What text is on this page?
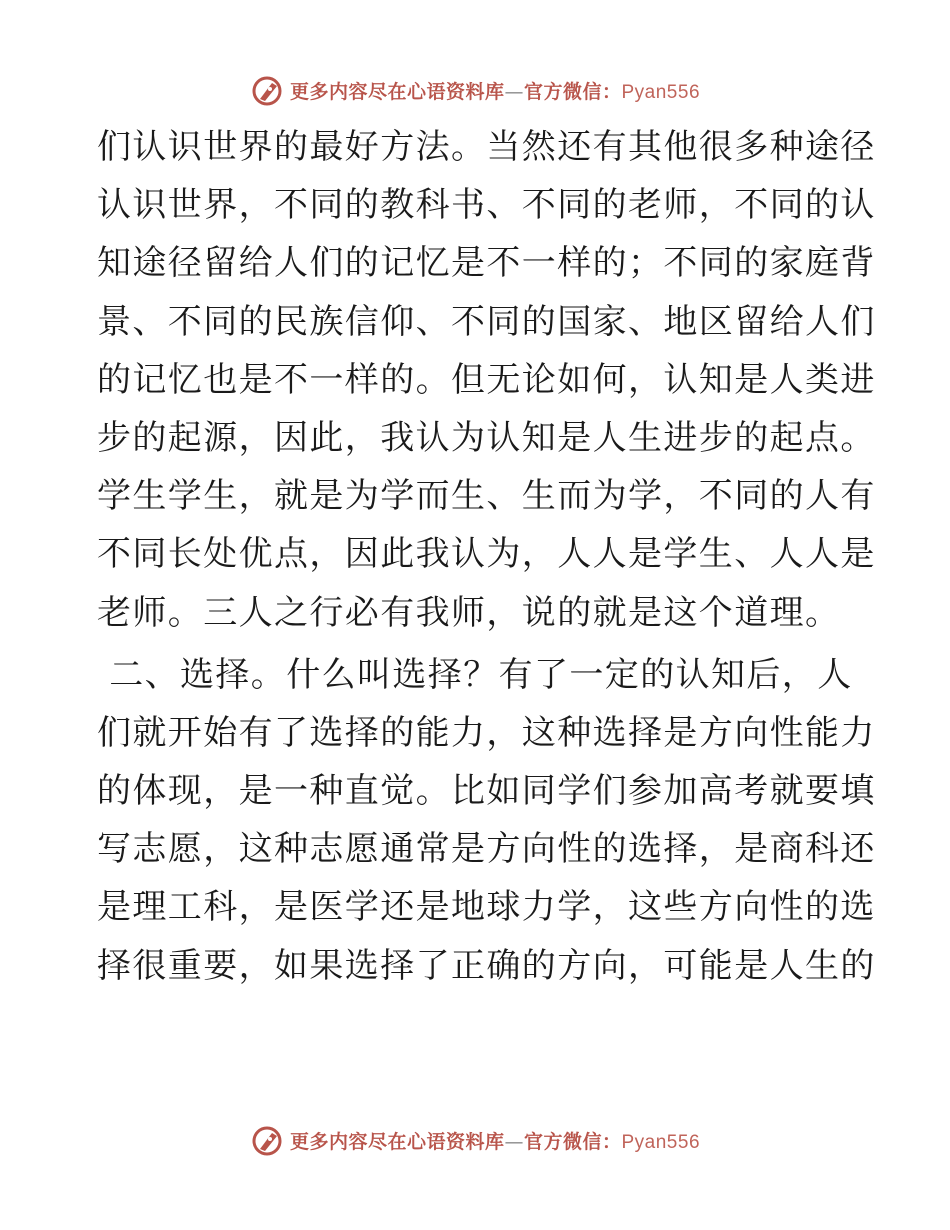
更多内容尽在心语资料库—官方微信：Pyan556
们认识世界的最好方法。当然还有其他很多种途径
认识世界，不同的教科书、不同的老师，不同的认
知途径留给人们的记忆是不一样的；不同的家庭背
景、不同的民族信仰、不同的国家、地区留给人们
的记忆也是不一样的。但无论如何，认知是人类进
步的起源，因此，我认为认知是人生进步的起点。
学生学生，就是为学而生、生而为学，不同的人有
不同长处优点，因此我认为，人人是学生、人人是
老师。三人之行必有我师，说的就是这个道理。
二、选择。什么叫选择？有了一定的认知后，人
们就开始有了选择的能力，这种选择是方向性能力
的体现，是一种直觉。比如同学们参加高考就要填
写志愿，这种志愿通常是方向性的选择，是商科还
是理工科，是医学还是地球力学，这些方向性的选
择很重要，如果选择了正确的方向，可能是人生的
更多内容尽在心语资料库—官方微信：Pyan556
